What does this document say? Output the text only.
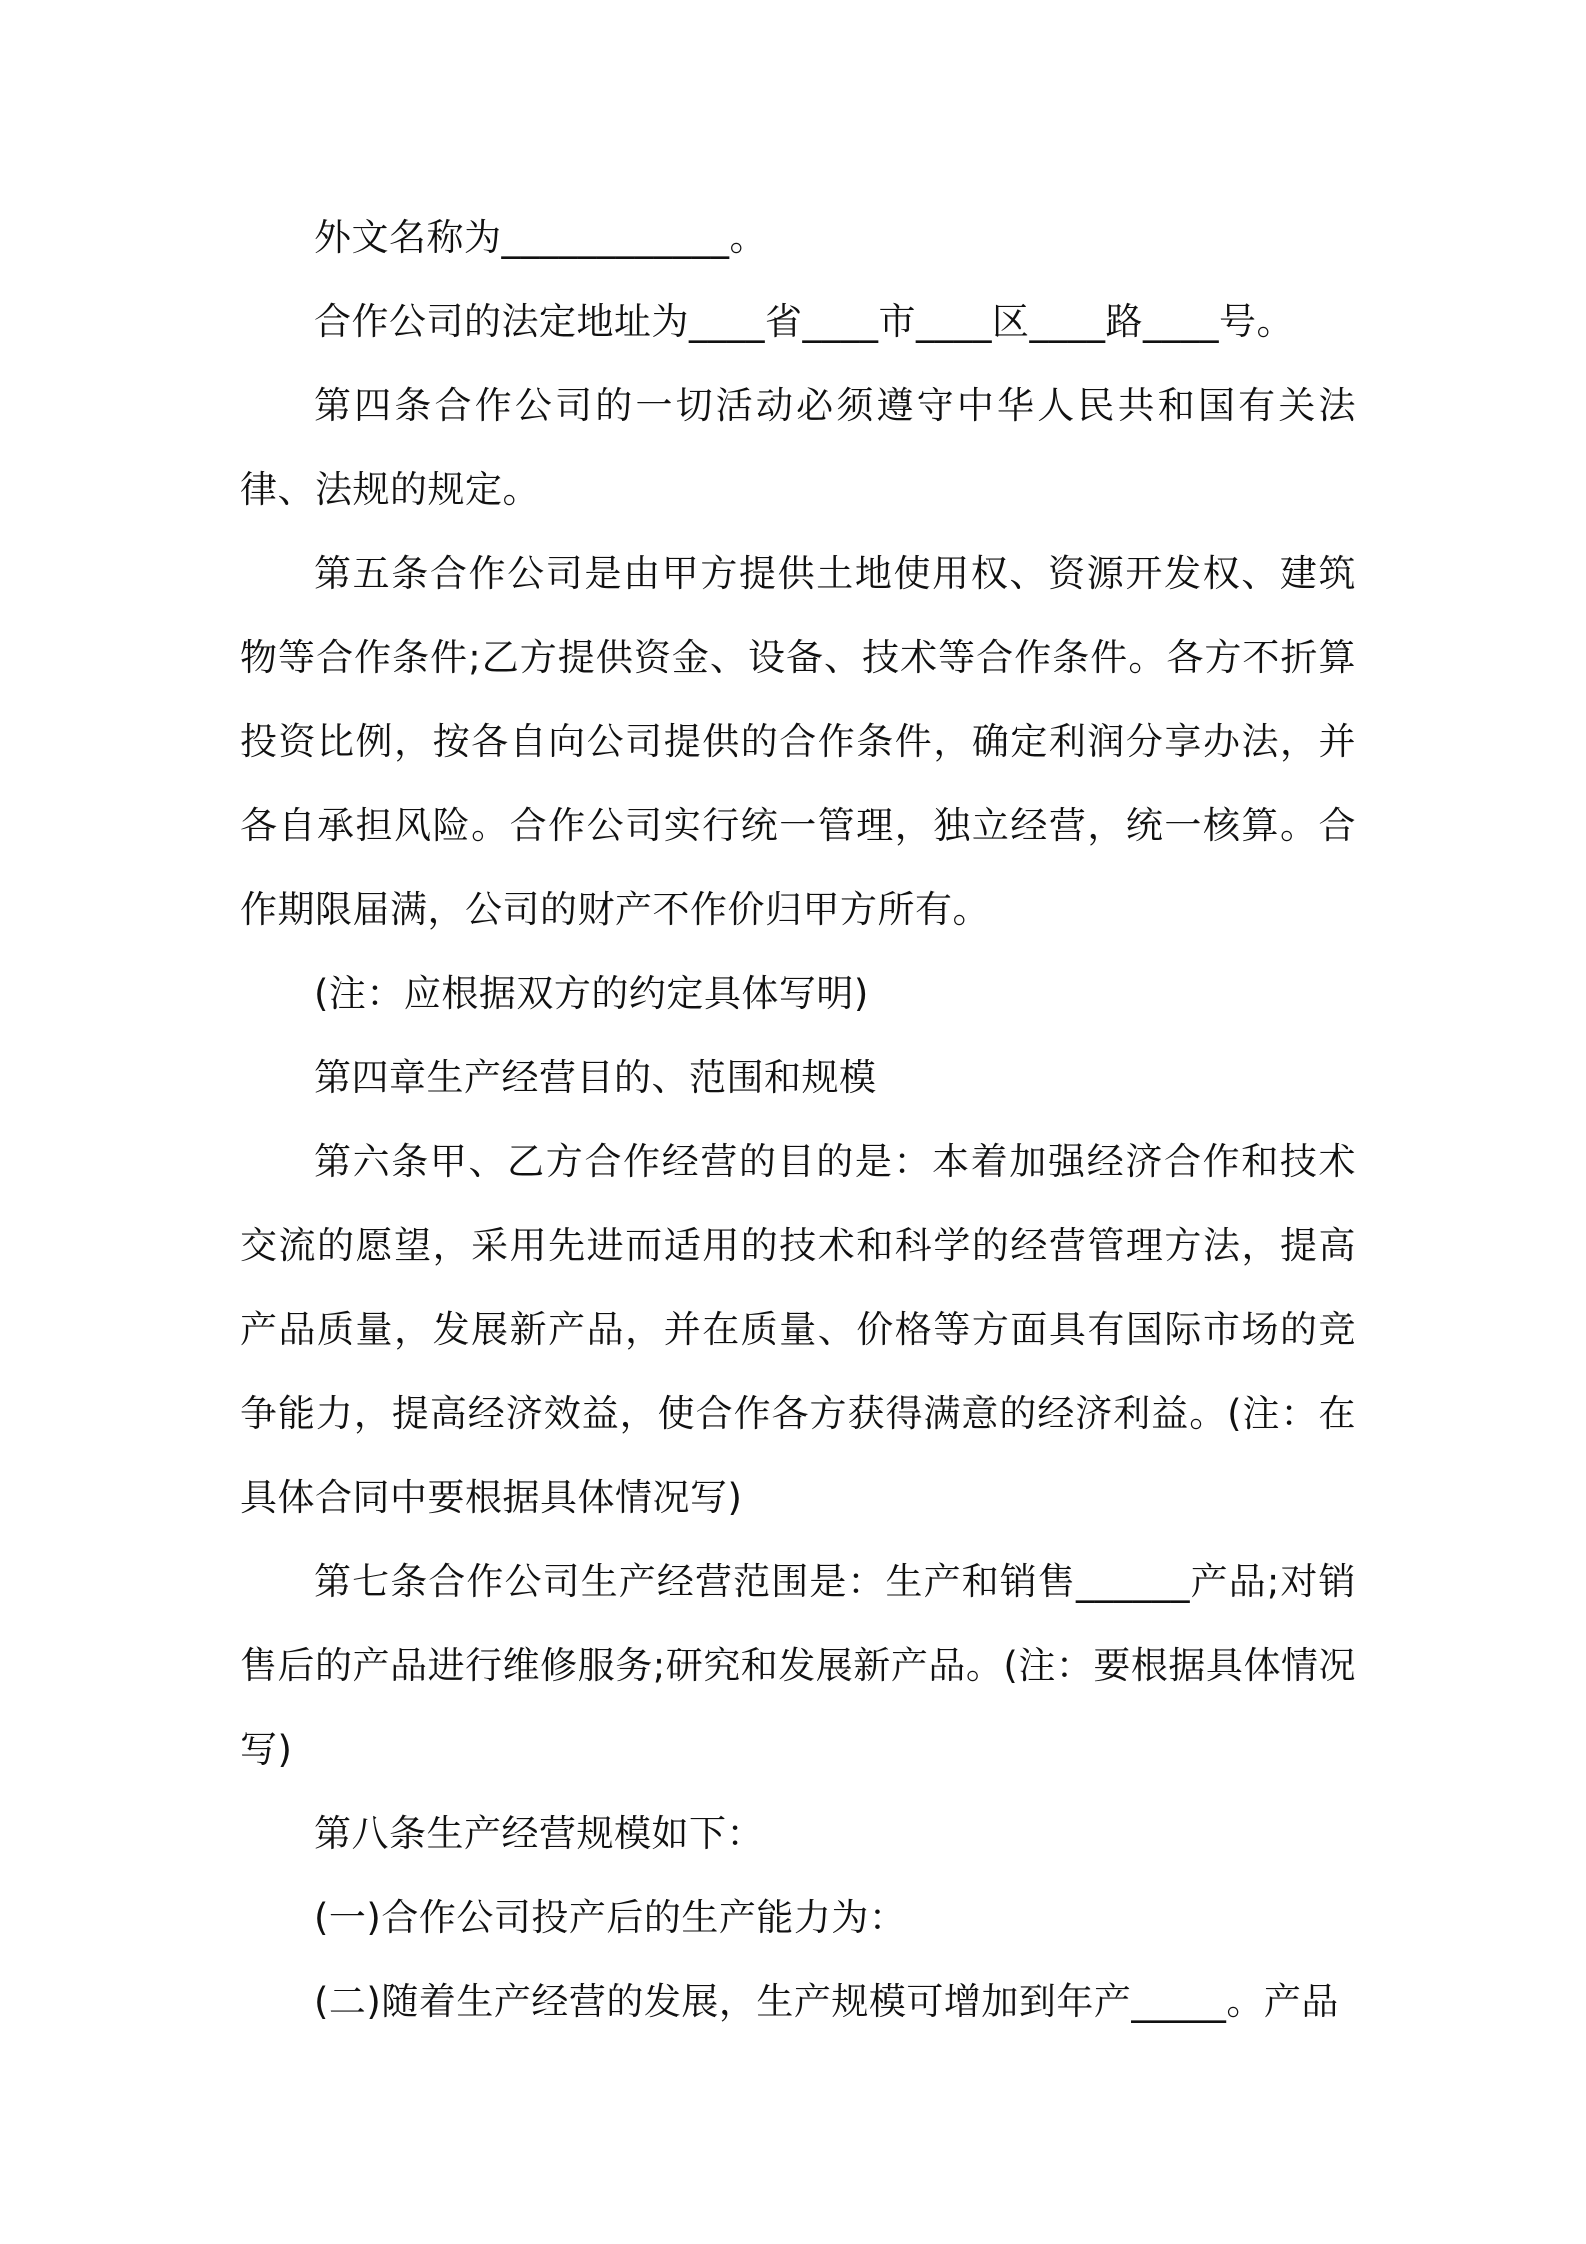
外文名称为____________。

合作公司的法定地址为____省____市____区____路____号。

第四条合作公司的一切活动必须遵守中华人民共和国有关法律、法规的规定。

第五条合作公司是由甲方提供土地使用权、资源开发权、建筑物等合作条件;乙方提供资金、设备、技术等合作条件。各方不折算投资比例，按各自向公司提供的合作条件，确定利润分享办法，并各自承担风险。合作公司实行统一管理，独立经营，统一核算。合作期限届满，公司的财产不作价归甲方所有。

(注：应根据双方的约定具体写明)

第四章生产经营目的、范围和规模

第六条甲、乙方合作经营的目的是：本着加强经济合作和技术交流的愿望，采用先进而适用的技术和科学的经营管理方法，提高产品质量，发展新产品，并在质量、价格等方面具有国际市场的竞争能力，提高经济效益，使合作各方获得满意的经济利益。(注：在具体合同中要根据具体情况写)

第七条合作公司生产经营范围是：生产和销售______产品;对销售后的产品进行维修服务;研究和发展新产品。(注：要根据具体情况写)

第八条生产经营规模如下：

(一)合作公司投产后的生产能力为：

(二)随着生产经营的发展，生产规模可增加到年产_____。产品
